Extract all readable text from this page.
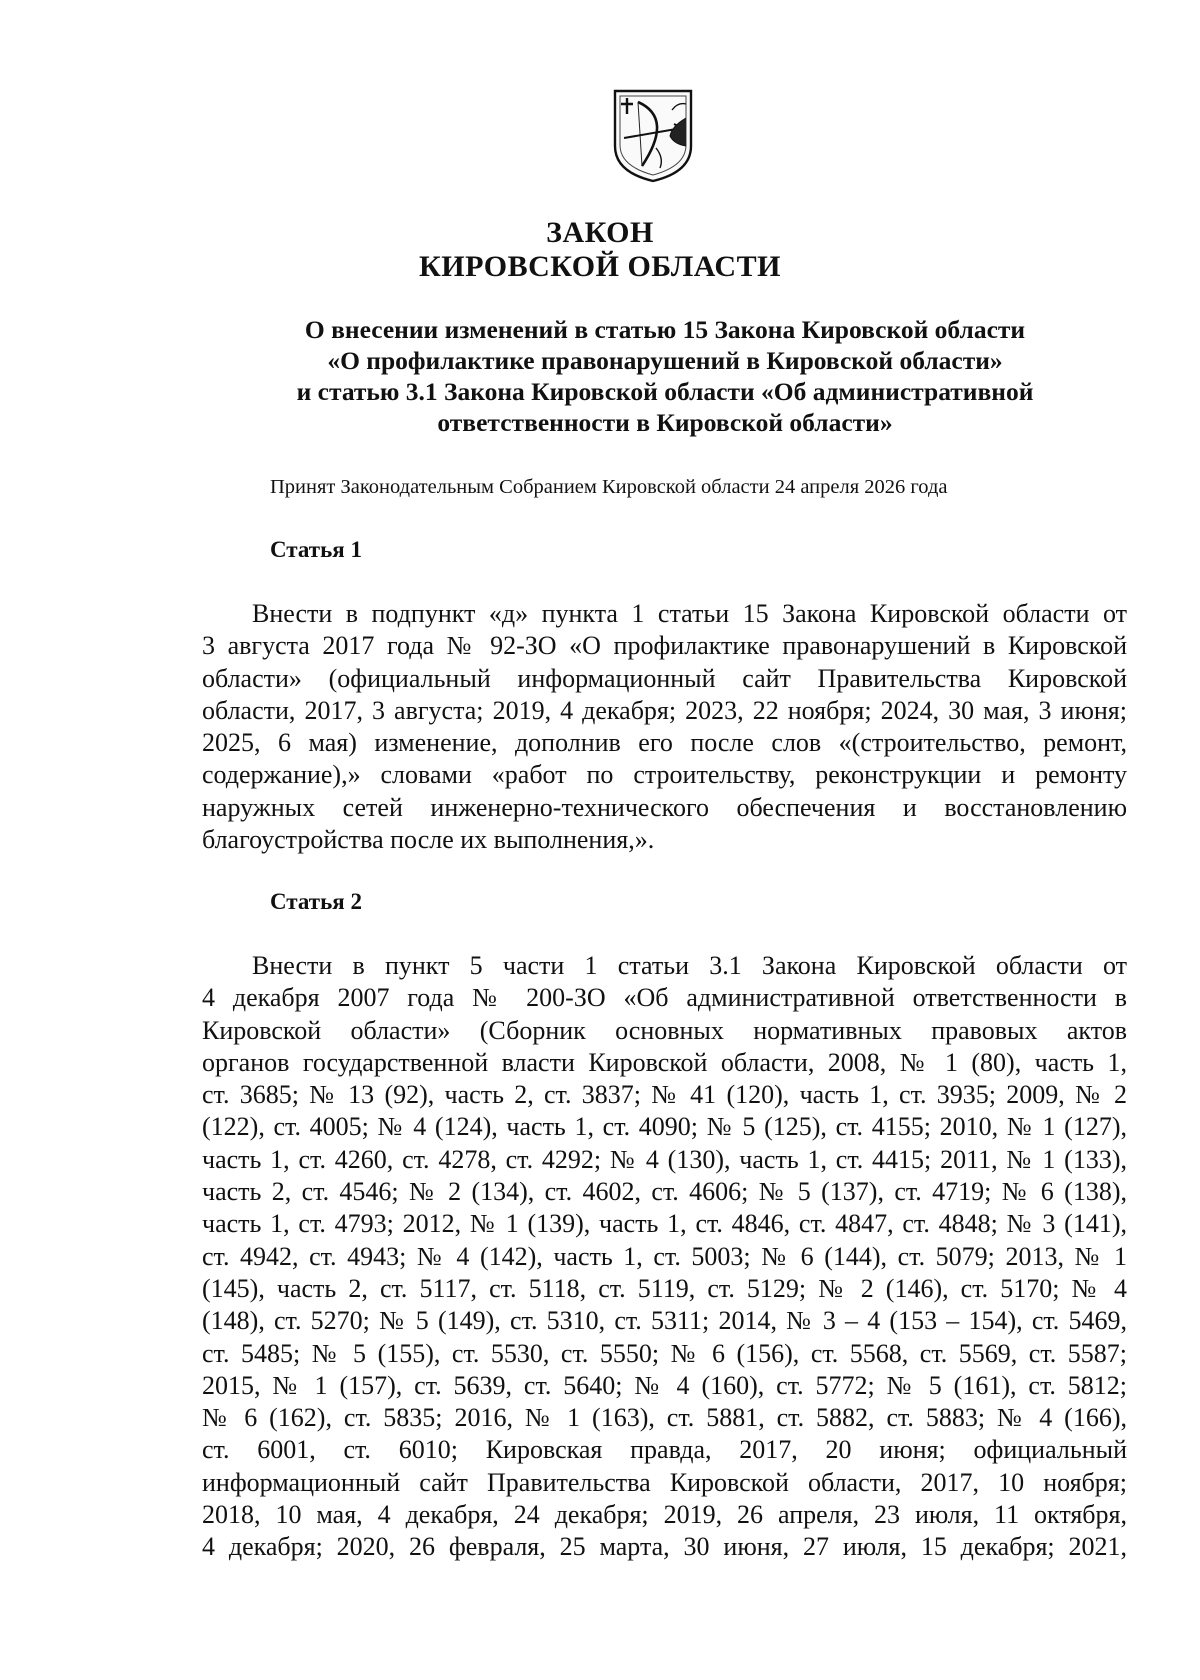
ЗАКОН
КИРОВСКОЙ ОБЛАСТИ
О внесении изменений в статью 15 Закона Кировской области
«О профилактике правонарушений в Кировской области»
и статью 3.1 Закона Кировской области «Об административной
ответственности в Кировской области»
Принят Законодательным Собранием Кировской области 24 апреля 2026 года
Статья 1
Внести в подпункт «д» пункта 1 статьи 15 Закона Кировской области от
3 августа 2017 года № 92-ЗО «О профилактике правонарушений в Кировской
области» (официальный информационный сайт Правительства Кировской
области, 2017, 3 августа; 2019, 4 декабря; 2023, 22 ноября; 2024, 30 мая, 3 июня;
2025, 6 мая) изменение, дополнив его после слов «(строительство, ремонт,
содержание),» словами «работ по строительству, реконструкции и ремонту
наружных сетей инженерно-технического обеспечения и восстановлению
благоустройства после их выполнения,».
Статья 2
Внести в пункт 5 части 1 статьи 3.1 Закона Кировской области от
4 декабря 2007 года № 200-ЗО «Об административной ответственности в
Кировской области» (Сборник основных нормативных правовых актов
органов государственной власти Кировской области, 2008, № 1 (80), часть 1,
ст. 3685; № 13 (92), часть 2, ст. 3837; № 41 (120), часть 1, ст. 3935; 2009, № 2
(122), ст. 4005; № 4 (124), часть 1, ст. 4090; № 5 (125), ст. 4155; 2010, № 1 (127),
часть 1, ст. 4260, ст. 4278, ст. 4292; № 4 (130), часть 1, ст. 4415; 2011, № 1 (133),
часть 2, ст. 4546; № 2 (134), ст. 4602, ст. 4606; № 5 (137), ст. 4719; № 6 (138),
часть 1, ст. 4793; 2012, № 1 (139), часть 1, ст. 4846, ст. 4847, ст. 4848; № 3 (141),
ст. 4942, ст. 4943; № 4 (142), часть 1, ст. 5003; № 6 (144), ст. 5079; 2013, № 1
(145), часть 2, ст. 5117, ст. 5118, ст. 5119, ст. 5129; № 2 (146), ст. 5170; № 4
(148), ст. 5270; № 5 (149), ст. 5310, ст. 5311; 2014, № 3 – 4 (153 – 154), ст. 5469,
ст. 5485; № 5 (155), ст. 5530, ст. 5550; № 6 (156), ст. 5568, ст. 5569, ст. 5587;
2015, № 1 (157), ст. 5639, ст. 5640; № 4 (160), ст. 5772; № 5 (161), ст. 5812;
№ 6 (162), ст. 5835; 2016, № 1 (163), ст. 5881, ст. 5882, ст. 5883; № 4 (166),
ст. 6001, ст. 6010; Кировская правда, 2017, 20 июня; официальный
информационный сайт Правительства Кировской области, 2017, 10 ноября;
2018, 10 мая, 4 декабря, 24 декабря; 2019, 26 апреля, 23 июля, 11 октября,
4 декабря; 2020, 26 февраля, 25 марта, 30 июня, 27 июля, 15 декабря; 2021,
